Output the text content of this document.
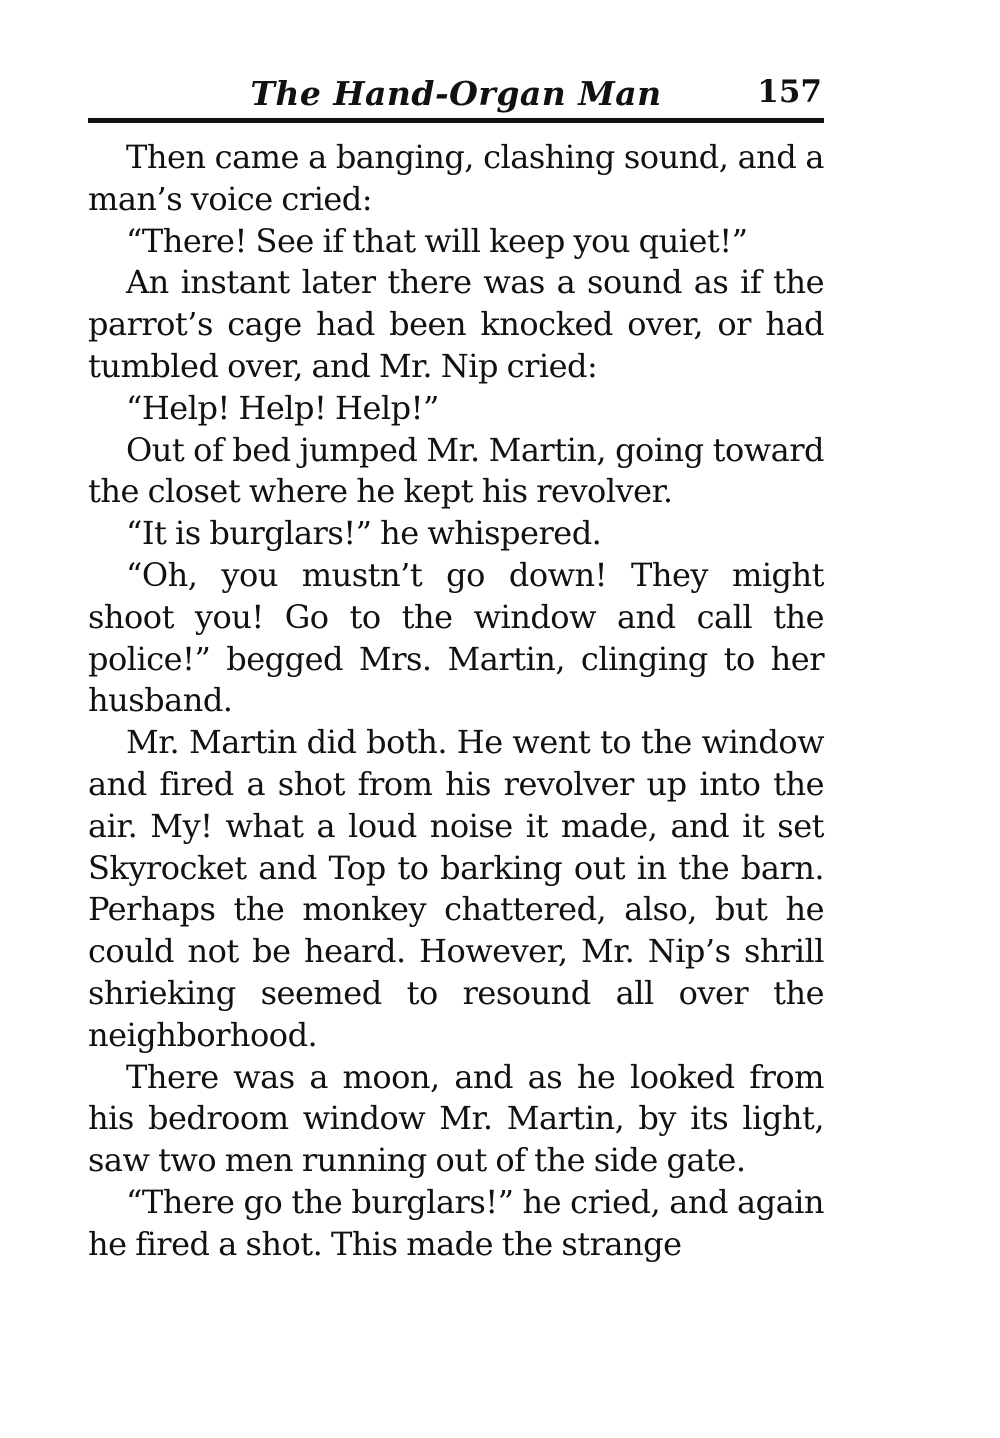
The Hand-Organ Man	157

Then came a banging, clashing sound, and a man’s voice cried:

“There! See if that will keep you quiet!”

An instant later there was a sound as if the parrot’s cage had been knocked over, or had tumbled over, and Mr. Nip cried:

“Help! Help! Help!”

Out of bed jumped Mr. Martin, going toward the closet where he kept his revolver.

“It is burglars!” he whispered.

“Oh, you mustn’t go down! They might shoot you! Go to the window and call the police!” begged Mrs. Martin, clinging to her husband.

Mr. Martin did both. He went to the window and fired a shot from his revolver up into the air. My! what a loud noise it made, and it set Skyrocket and Top to barking out in the barn. Perhaps the monkey chattered, also, but he could not be heard. However, Mr. Nip’s shrill shrieking seemed to resound all over the neighborhood.

There was a moon, and as he looked from his bedroom window Mr. Martin, by its light, saw two men running out of the side gate.

“There go the burglars!” he cried, and again he fired a shot. This made the strange
